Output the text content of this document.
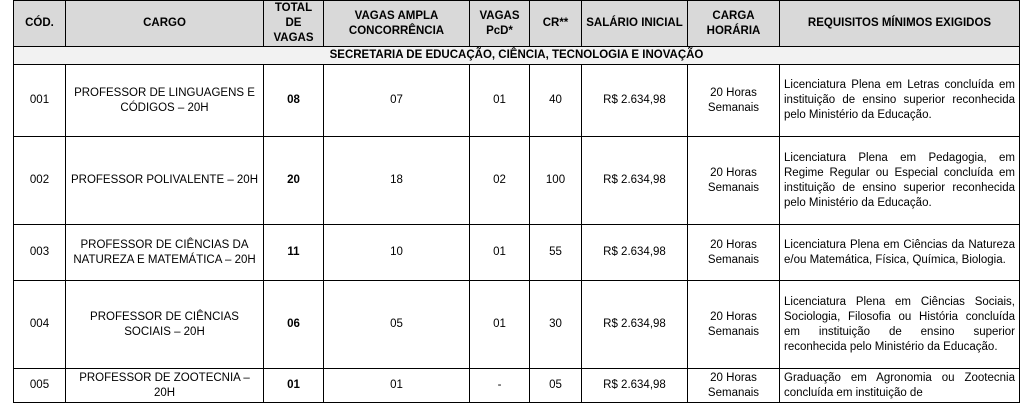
CÓD.	CARGO	TOTAL DE VAGAS	VAGAS AMPLA CONCORRÊNCIA	VAGAS PcD*	CR**	SALÁRIO INICIAL	CARGA HORÁRIA	REQUISITOS MÍNIMOS EXIGIDOS
SECRETARIA DE EDUCAÇÃO, CIÊNCIA, TECNOLOGIA E INOVAÇÃO								
001	PROFESSOR DE LINGUAGENS E CÓDIGOS – 20H	08	07	01	40	R$ 2.634,98	20 Horas Semanais	Licenciatura Plena em Letras concluída em instituição de ensino superior reconhecida pelo Ministério da Educação.
002	PROFESSOR POLIVALENTE – 20H	20	18	02	100	R$ 2.634,98	20 Horas Semanais	Licenciatura Plena em Pedagogia, em Regime Regular ou Especial concluída em instituição de ensino superior reconhecida pelo Ministério da Educação.
003	PROFESSOR DE CIÊNCIAS DA NATUREZA E MATEMÁTICA – 20H	11	10	01	55	R$ 2.634,98	20 Horas Semanais	Licenciatura Plena em Ciências da Natureza e/ou Matemática, Física, Química, Biologia.
004	PROFESSOR DE CIÊNCIAS SOCIAIS – 20H	06	05	01	30	R$ 2.634,98	20 Horas Semanais	Licenciatura Plena em Ciências Sociais, Sociologia, Filosofia ou História concluída em instituição de ensino superior reconhecida pelo Ministério da Educação.
005	PROFESSOR DE ZOOTECNIA – 20H	01	01	-	05	R$ 2.634,98	20 Horas Semanais	Graduação em Agronomia ou Zootecnia concluída em instituição de
